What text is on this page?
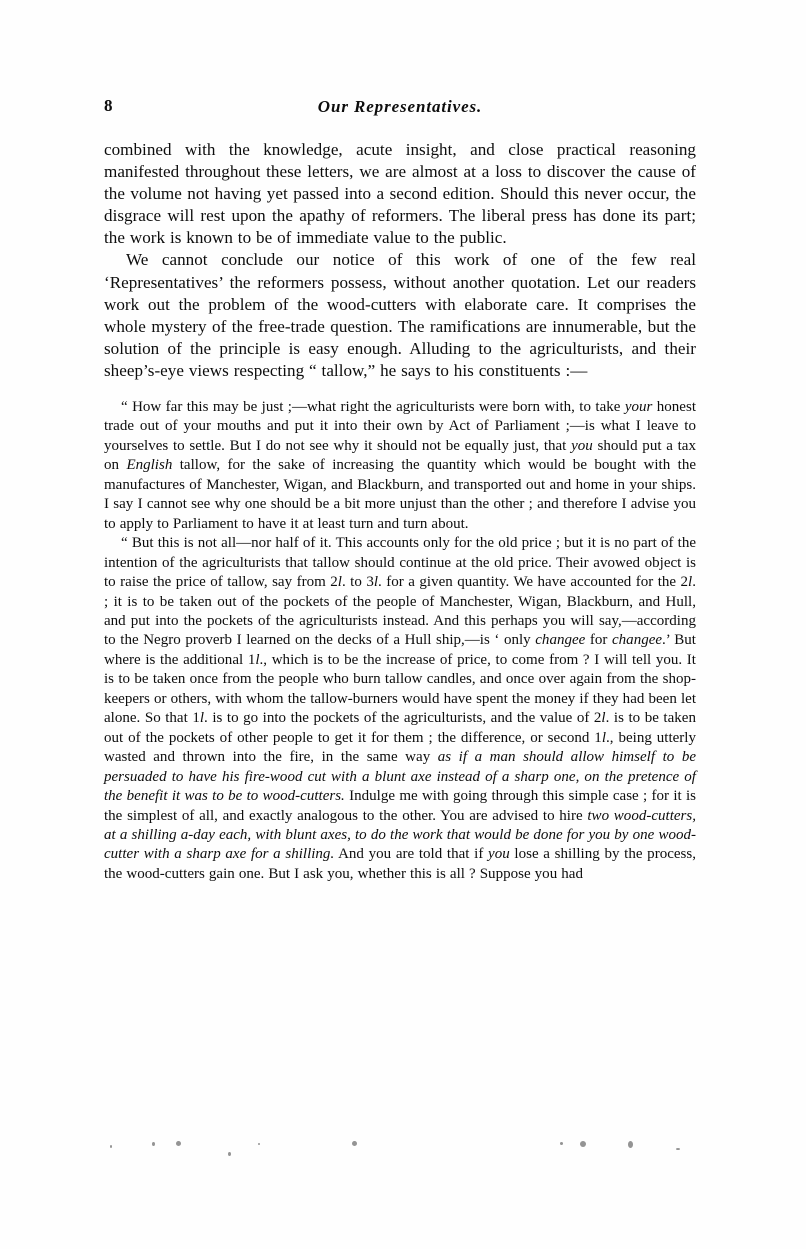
8	Our Representatives.

combined with the knowledge, acute insight, and close practical reasoning manifested throughout these letters, we are almost at a loss to discover the cause of the volume not having yet passed into a second edition. Should this never occur, the disgrace will rest upon the apathy of reformers. The liberal press has done its part; the work is known to be of immediate value to the public.

We cannot conclude our notice of this work of one of the few real ‘Representatives’ the reformers possess, without another quotation. Let our readers work out the problem of the wood-cutters with elaborate care. It comprises the whole mystery of the free-trade question. The ramifications are innumerable, but the solution of the principle is easy enough. Alluding to the agriculturists, and their sheep’s-eye views respecting “ tallow,” he says to his constituents :—

“ How far this may be just ;—what right the agriculturists were born with, to take your honest trade out of your mouths and put it into their own by Act of Parliament ;—is what I leave to yourselves to settle. But I do not see why it should not be equally just, that you should put a tax on English tallow, for the sake of increasing the quantity which would be bought with the manufactures of Manchester, Wigan, and Blackburn, and transported out and home in your ships. I say I cannot see why one should be a bit more unjust than the other ; and therefore I advise you to apply to Parliament to have it at least turn and turn about.

“ But this is not all—nor half of it. This accounts only for the old price ; but it is no part of the intention of the agriculturists that tallow should continue at the old price. Their avowed object is to raise the price of tallow, say from 2l. to 3l. for a given quantity. We have accounted for the 2l. ; it is to be taken out of the pockets of the people of Manchester, Wigan, Blackburn, and Hull, and put into the pockets of the agriculturists instead. And this perhaps you will say,—according to the Negro proverb I learned on the decks of a Hull ship,—is ‘ only changee for changee.’ But where is the additional 1l., which is to be the increase of price, to come from ? I will tell you. It is to be taken once from the people who burn tallow candles, and once over again from the shop-keepers or others, with whom the tallow-burners would have spent the money if they had been let alone. So that 1l. is to go into the pockets of the agriculturists, and the value of 2l. is to be taken out of the pockets of other people to get it for them ; the difference, or second 1l., being utterly wasted and thrown into the fire, in the same way as if a man should allow himself to be persuaded to have his fire-wood cut with a blunt axe instead of a sharp one, on the pretence of the benefit it was to be to wood-cutters. Indulge me with going through this simple case ; for it is the simplest of all, and exactly analogous to the other. You are advised to hire two wood-cutters, at a shilling a-day each, with blunt axes, to do the work that would be done for you by one wood-cutter with a sharp axe for a shilling. And you are told that if you lose a shilling by the process, the wood-cutters gain one. But I ask you, whether this is all ? Suppose you had
